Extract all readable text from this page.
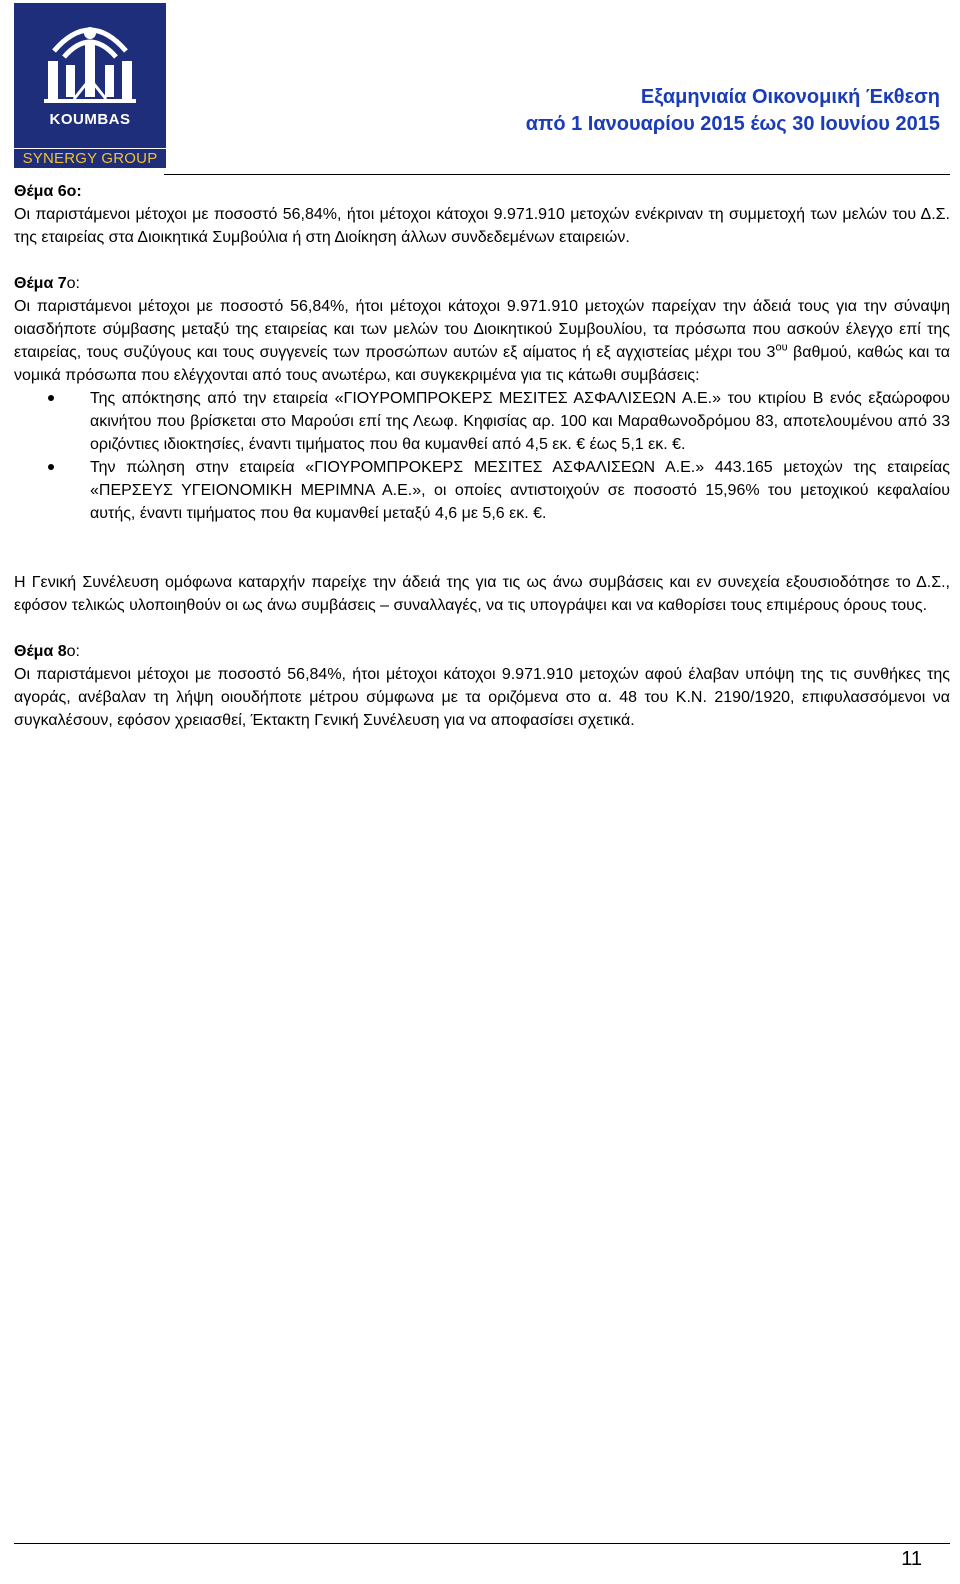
KOUMBAS
SYNERGY GROUP
Εξαμηνιαία Οικονομική Έκθεση
από 1 Ιανουαρίου 2015 έως 30 Ιουνίου 2015

Θέμα 6ο:

Οι παριστάμενοι μέτοχοι με ποσοστό 56,84%, ήτοι μέτοχοι κάτοχοι 9.971.910 μετοχών ενέκριναν τη συμμετοχή των μελών του Δ.Σ. της εταιρείας στα Διοικητικά Συμβούλια ή στη Διοίκηση άλλων συνδεδεμένων εταιρειών.

Θέμα 7ο:

Οι παριστάμενοι μέτοχοι με ποσοστό 56,84%, ήτοι μέτοχοι κάτοχοι 9.971.910 μετοχών παρείχαν την άδειά τους για την σύναψη οιασδήποτε σύμβασης μεταξύ της εταιρείας και των μελών του Διοικητικού Συμβουλίου, τα πρόσωπα που ασκούν έλεγχο επί της εταιρείας, τους συζύγους και τους συγγενείς των προσώπων αυτών εξ αίματος ή εξ αγχιστείας μέχρι του $3^{o\upsilon}$ βαθμού, καθώς και τα νομικά πρόσωπα που ελέγχονται από τους ανωτέρω, και συγκεκριμένα για τις κάτωθι συμβάσεις:

Της απόκτησης από την εταιρεία «ΓΙΟΥΡΟΜΠΡΟΚΕΡΣ ΜΕΣΙΤΕΣ ΑΣΦΑΛΙΣΕΩΝ Α.Ε.» του κτιρίου Β ενός εξαώροφου ακινήτου που βρίσκεται στο Μαρούσι επί της Λεωφ. Κηφισίας αρ. 100 και Μαραθωνοδρόμου 83, αποτελουμένου από 33 οριζόντιες ιδιοκτησίες, έναντι τιμήματος που θα κυμανθεί από 4,5 εκ. € έως 5,1 εκ. €.
Την πώληση στην εταιρεία «ΓΙΟΥΡΟΜΠΡΟΚΕΡΣ ΜΕΣΙΤΕΣ ΑΣΦΑΛΙΣΕΩΝ Α.Ε.» 443.165 μετοχών της εταιρείας «ΠΕΡΣΕΥΣ ΥΓΕΙΟΝΟΜΙΚΗ ΜΕΡΙΜΝΑ Α.Ε.», οι οποίες αντιστοιχούν σε ποσοστό 15,96% του μετοχικού κεφαλαίου αυτής, έναντι τιμήματος που θα κυμανθεί μεταξύ 4,6 με 5,6 εκ. €.

Η Γενική Συνέλευση ομόφωνα καταρχήν παρείχε την άδειά της για τις ως άνω συμβάσεις και εν συνεχεία εξουσιοδότησε το Δ.Σ., εφόσον τελικώς υλοποιηθούν οι ως άνω συμβάσεις – συναλλαγές, να τις υπογράψει και να καθορίσει τους επιμέρους όρους τους.

Θέμα 8ο:

Οι παριστάμενοι μέτοχοι με ποσοστό 56,84%, ήτοι μέτοχοι κάτοχοι 9.971.910 μετοχών αφού έλαβαν υπόψη της τις συνθήκες της αγοράς, ανέβαλαν τη λήψη οιουδήποτε μέτρου σύμφωνα με τα οριζόμενα στο α. 48 του Κ.Ν. 2190/1920, επιφυλασσόμενοι να συγκαλέσουν, εφόσον χρειασθεί, Έκτακτη Γενική Συνέλευση για να αποφασίσει σχετικά.

11
